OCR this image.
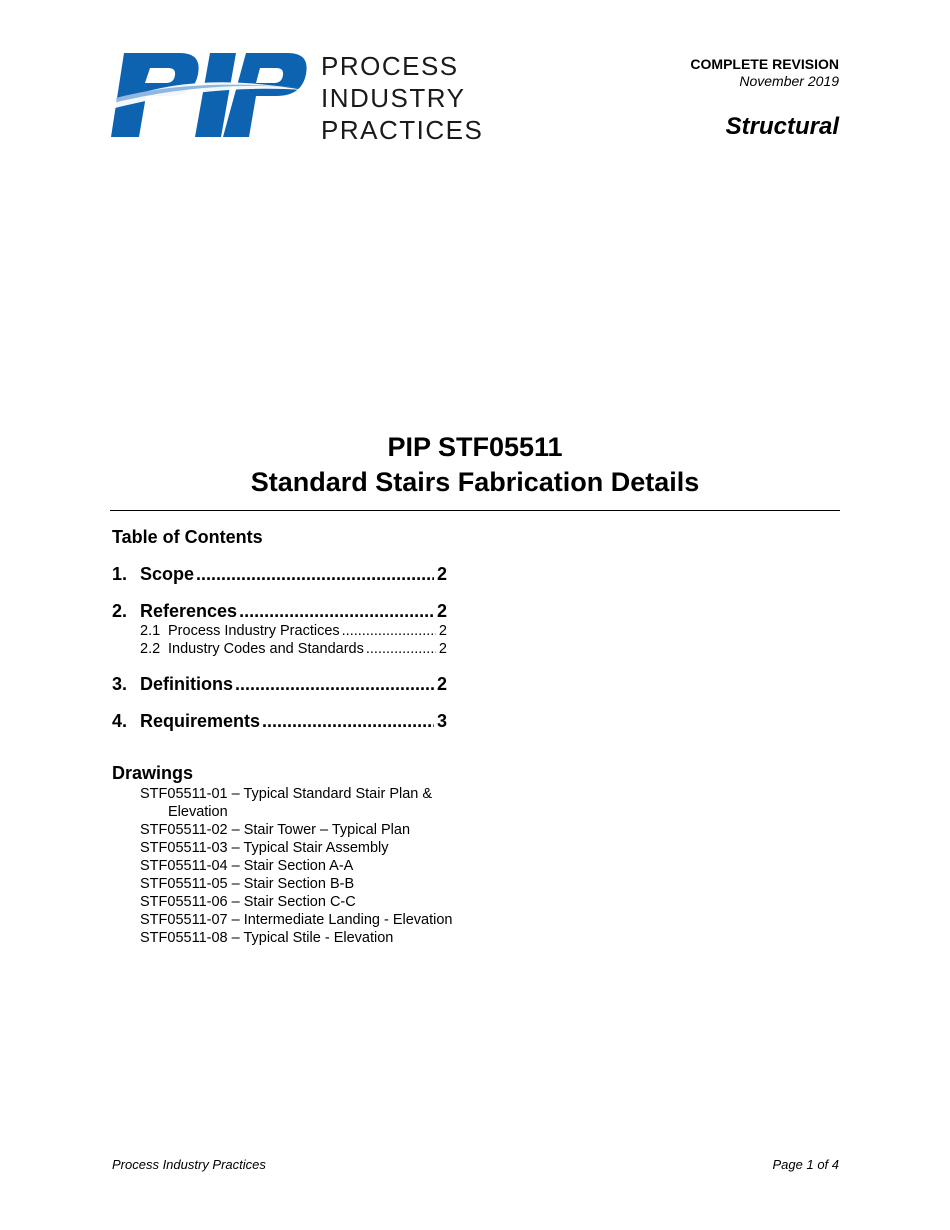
PROCESS
INDUSTRY
PRACTICES
COMPLETE REVISION
November 2019
Structural
PIP STF05511
Standard Stairs Fabrication Details
Table of Contents
1. Scope .....	2
2. References .....	2
2.1 Process Industry Practices .....	2
2.2 Industry Codes and Standards .....	2
3. Definitions .....	2
4. Requirements .....	3
Drawings
STF05511-01 – Typical Standard Stair Plan & Elevation
STF05511-02 – Stair Tower – Typical Plan
STF05511-03 – Typical Stair Assembly
STF05511-04 – Stair Section A-A
STF05511-05 – Stair Section B-B
STF05511-06 – Stair Section C-C
STF05511-07 – Intermediate Landing - Elevation
STF05511-08 – Typical Stile - Elevation
Process Industry Practices	Page 1 of 4
